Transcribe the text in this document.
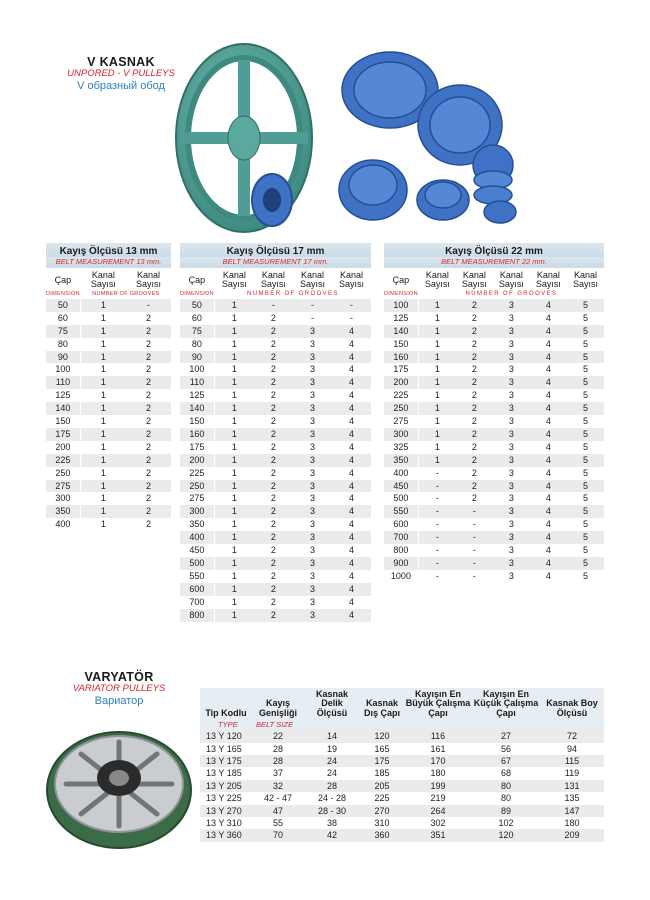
V KASNAK
UNPORED - V PULLEYS
V образный обод
Kayış Ölçüsü 13 mm		
BELT MEASUREMENT 13 mm.		
Çap	Kanal Sayısı	Kanal Sayısı
DIMENSION	NUMBER OF GROOVES	
50	1	-
60	1	2
75	1	2
80	1	2
90	1	2
100	1	2
110	1	2
125	1	2
140	1	2
150	1	2
175	1	2
200	1	2
225	1	2
250	1	2
275	1	2
300	1	2
350	1	2
400	1	2
Kayış Ölçüsü 17 mm				
BELT MEASUREMENT 17 mm.				
Çap	Kanal Sayısı	Kanal Sayısı	Kanal Sayısı	Kanal Sayısı
DIMENSION	NUMBER OF GROOVES			
50	1	-	-	-
60	1	2	-	-
75	1	2	3	4
80	1	2	3	4
90	1	2	3	4
100	1	2	3	4
110	1	2	3	4
125	1	2	3	4
140	1	2	3	4
150	1	2	3	4
160	1	2	3	4
175	1	2	3	4
200	1	2	3	4
225	1	2	3	4
250	1	2	3	4
275	1	2	3	4
300	1	2	3	4
350	1	2	3	4
400	1	2	3	4
450	1	2	3	4
500	1	2	3	4
550	1	2	3	4
600	1	2	3	4
700	1	2	3	4
800	1	2	3	4
Kayış Ölçüsü 22 mm					
BELT MEASUREMENT 22 mm.					
Çap	Kanal Sayısı	Kanal Sayısı	Kanal Sayısı	Kanal Sayısı	Kanal Sayısı
DIMENSION	NUMBER OF GROOVES				
100	1	2	3	4	5
125	1	2	3	4	5
140	1	2	3	4	5
150	1	2	3	4	5
160	1	2	3	4	5
175	1	2	3	4	5
200	1	2	3	4	5
225	1	2	3	4	5
250	1	2	3	4	5
275	1	2	3	4	5
300	1	2	3	4	5
325	1	2	3	4	5
350	1	2	3	4	5
400	-	2	3	4	5
450	-	2	3	4	5
500	-	2	3	4	5
550	-	-	3	4	5
600	-	-	3	4	5
700	-	-	3	4	5
800	-	-	3	4	5
900	-	-	3	4	5
1000	-	-	3	4	5
VARYATÖR
VARIATOR PULLEYS
Вариатор
Tip Kodlu	Kayış Genişliği	Kasnak Delik Ölçüsü	Kasnak Dış Çapı	Kayışın En Büyük Çalışma Çapı	Kayışın En Küçük Çalışma Çapı	Kasnak Boy Ölçüsü
TYPE	BELT SIZE					
13 Y 120	22	14	120	116	27	72
13 Y 165	28	19	165	161	56	94
13 Y 175	28	24	175	170	67	115
13 Y 185	37	24	185	180	68	119
13 Y 205	32	28	205	199	80	131
13 Y 225	42 - 47	24 - 28	225	219	80	135
13 Y 270	47	28 - 30	270	264	89	147
13 Y 310	55	38	310	302	102	180
13 Y 360	70	42	360	351	120	209
